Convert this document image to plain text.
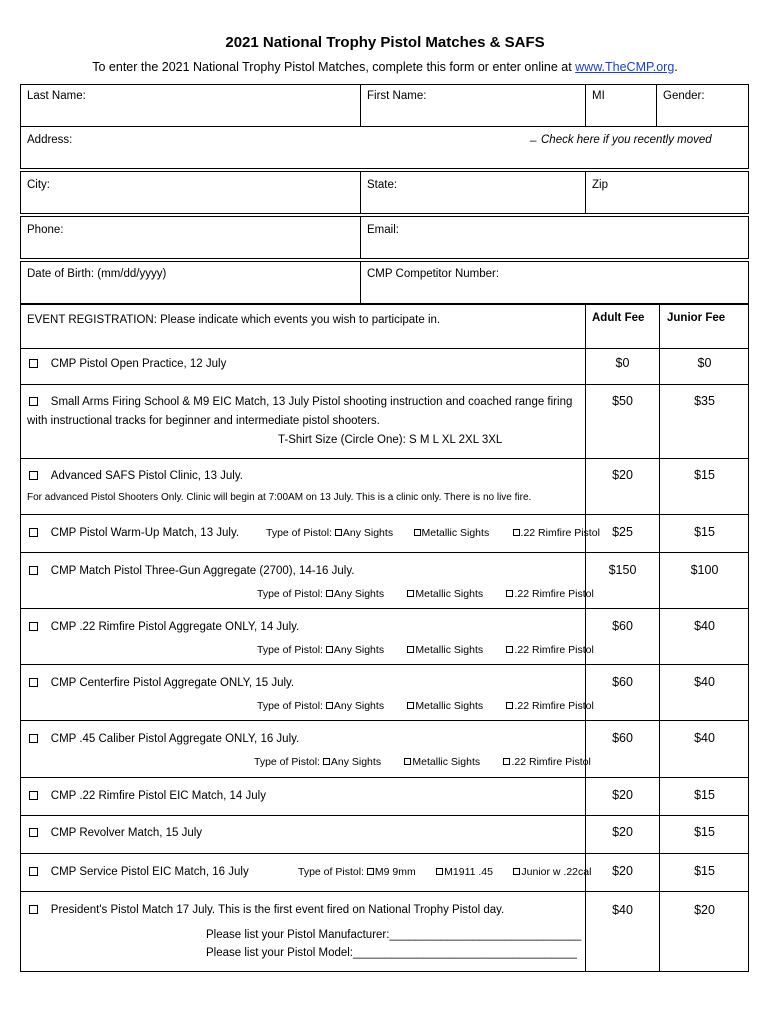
2021 National Trophy Pistol Matches & SAFS
To enter the 2021 National Trophy Pistol Matches, complete this form or enter online at www.TheCMP.org.
Last Name:	First Name:	MI	Gender:
Address:	_ Check here if you recently moved
City:	State:	Zip
Phone:	Email:
Date of Birth: (mm/dd/yyyy)	CMP Competitor Number:
EVENT REGISTRATION: Please indicate which events you wish to participate in.	Adult Fee Junior Fee
CMP Pistol Open Practice, 12 July	$0	$0
Small Arms Firing School & M9 EIC Match, 13 July Pistol shooting instruction and coached range firing
with instructional tracks for beginner and intermediate pistol shooters.
T-Shirt Size (Circle One): S M L XL 2XL 3XL
$50	$35
Advanced SAFS Pistol Clinic, 13 July.
For advanced Pistol Shooters Only. Clinic will begin at 7:00AM on 13 July. This is a clinic only. There is no live fire.
$20	$15
CMP Pistol Warm-Up Match, 13 July.	Type of Pistol: Any Sights	Metallic Sights	.22 Rimfire Pistol $25	$15
CMP Match Pistol Three-Gun Aggregate (2700), 14-16 July.
Type of Pistol: Any Sights	Metallic Sights	.22 Rimfire Pistol
$150	$100
CMP .22 Rimfire Pistol Aggregate ONLY, 14 July.
Type of Pistol: Any Sights	Metallic Sights	.22 Rimfire Pistol
$60	$40
CMP Centerfire Pistol Aggregate ONLY, 15 July.
Type of Pistol: Any Sights	Metallic Sights	.22 Rimfire Pistol
$60	$40
CMP .45 Caliber Pistol Aggregate ONLY, 16 July.
Type of Pistol: Any Sights	Metallic Sights	.22 Rimfire Pistol
$60	$40
CMP .22 Rimfire Pistol EIC Match, 14 July	$20	$15
CMP Revolver Match, 15 July	$20	$15
CMP Service Pistol EIC Match, 16 July	Type of Pistol: M9 9mm	M1911 .45	Junior w .22cal	$20	$15
President's Pistol Match 17 July. This is the first event fired on National Trophy Pistol day.
Please list your Pistol Manufacturer:______________________________
Please list your Pistol Model:___________________________________
$40	$20
